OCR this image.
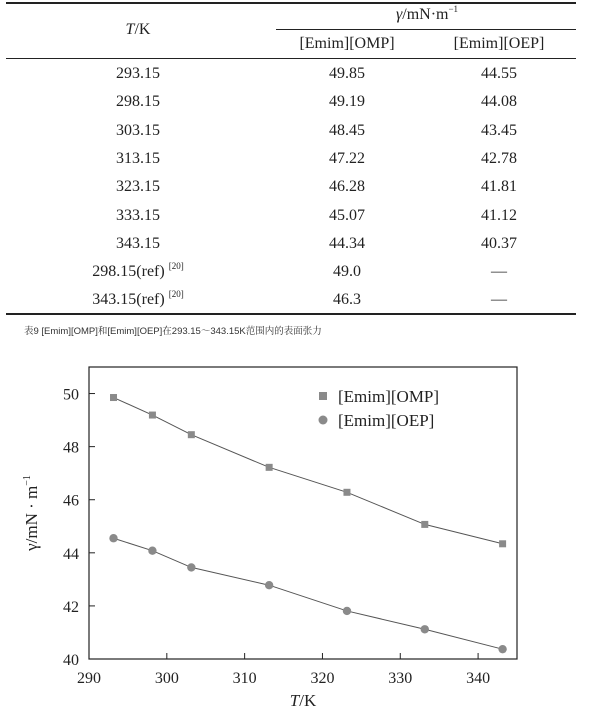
T/K
$\gamma/mN\cdot m^{-1}$
[Emim][OMP]	[Emim][OEP]
293.15	49.85	44.55
298.15	49.19	44.08
303.15	48.45	43.45
313.15	47.22	42.78
323.15	46.28	41.81
333.15	45.07	41.12
343.15	44.34	40.37
298.15(ref) [20]	49.0	—
343.15(ref) [20]	46.3	—
表9 [Emim][OMP]和[Emim][OEP]在293.15～343.15K范围内的表面张力
290	300	310	320	330	340
40
42
44
46
48
50	[Emim][OMP]
[Emim][OEP]
T/K
$\gamma/mN \cdot m^{-1}$
